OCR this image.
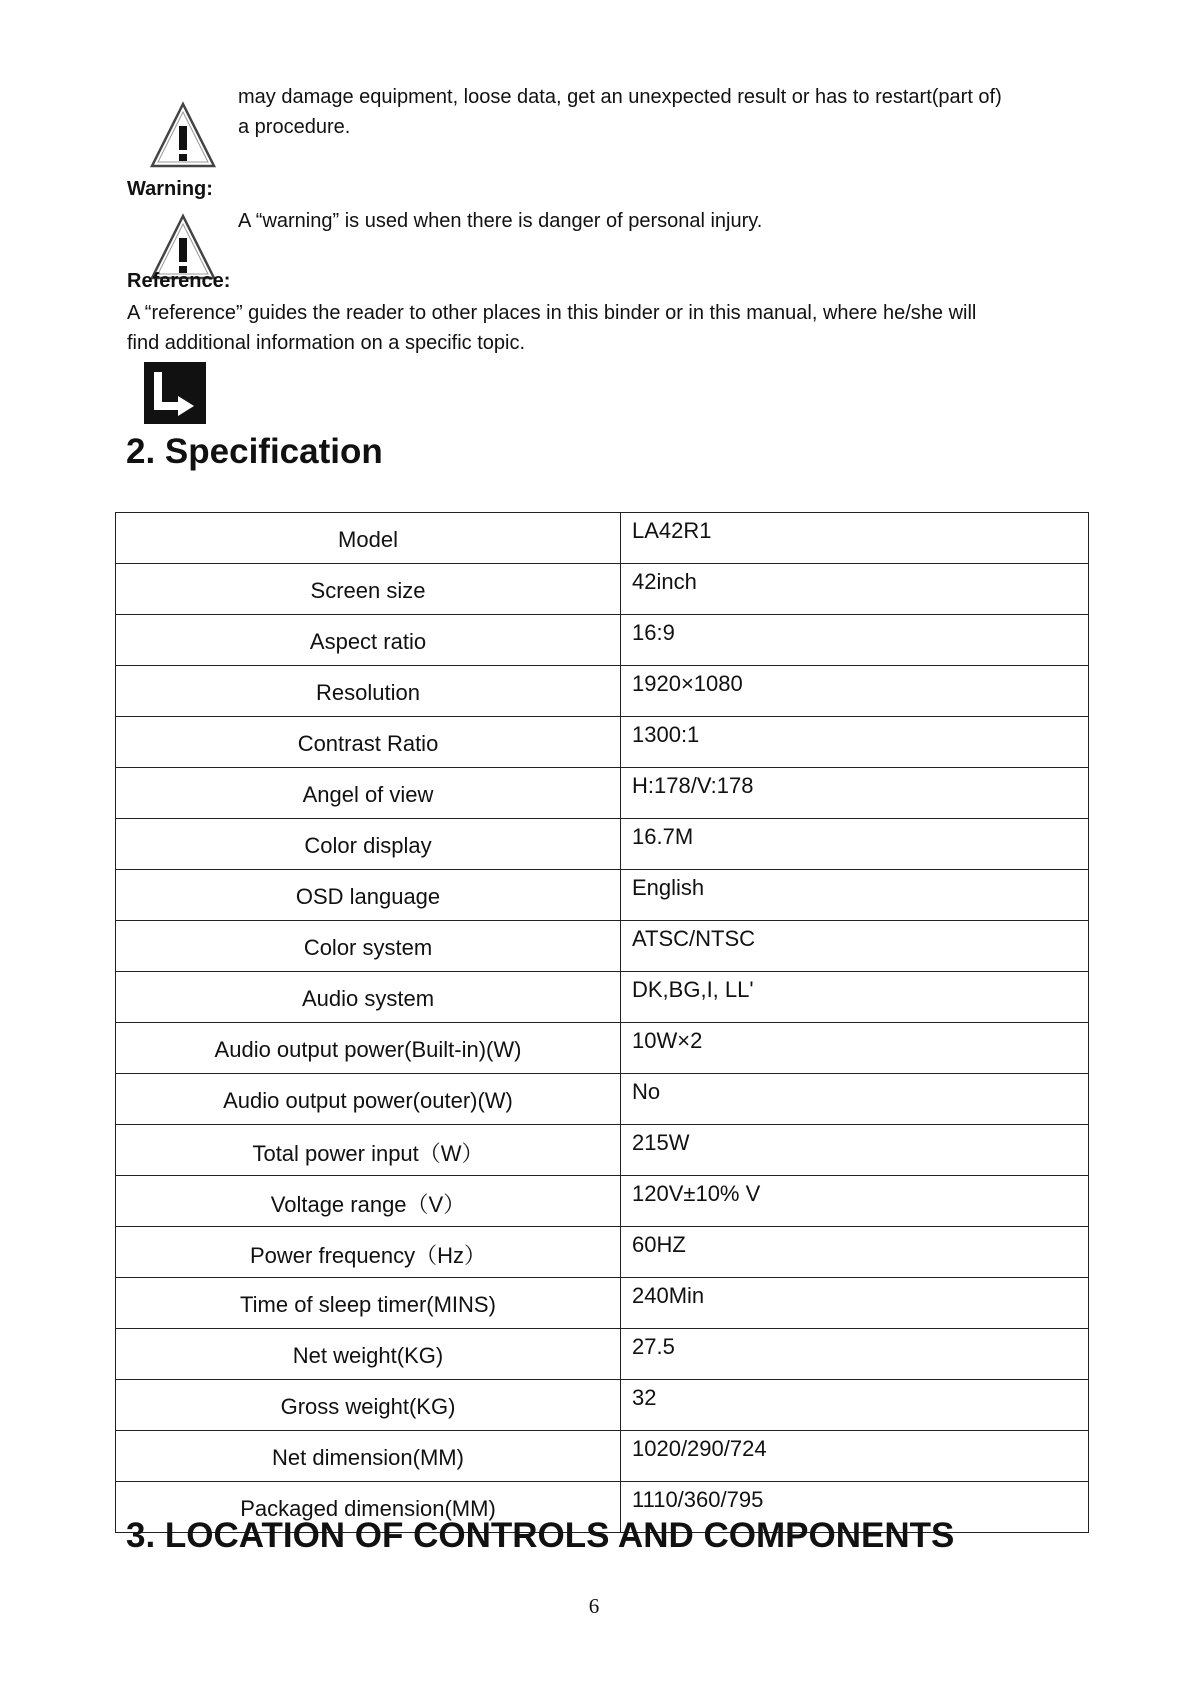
may damage equipment, loose data, get an unexpected result or has to restart(part of)
a procedure.
Warning:
A “warning” is used when there is danger of personal injury.
Reference:
A “reference” guides the reader to other places in this binder or in this manual, where he/she will
find additional information on a specific topic.
2. Specification
Model	LA42R1
Screen size	42inch
Aspect ratio	16:9
Resolution	1920×1080
Contrast Ratio	1300:1
Angel of view	H:178/V:178
Color display	16.7M
OSD language	English
Color system	ATSC/NTSC
Audio system	DK,BG,I, LL'
Audio output power(Built-in)(W)	10W×2
Audio output power(outer)(W)	No
Total power input（W）	215W
Voltage range（V）	120V±10% V
Power frequency（Hz）	60HZ
Time of sleep timer(MINS)	240Min
Net weight(KG)	27.5
Gross weight(KG)	32
Net dimension(MM)	1020/290/724
Packaged dimension(MM)	1110/360/795
3. LOCATION OF CONTROLS AND COMPONENTS
6
